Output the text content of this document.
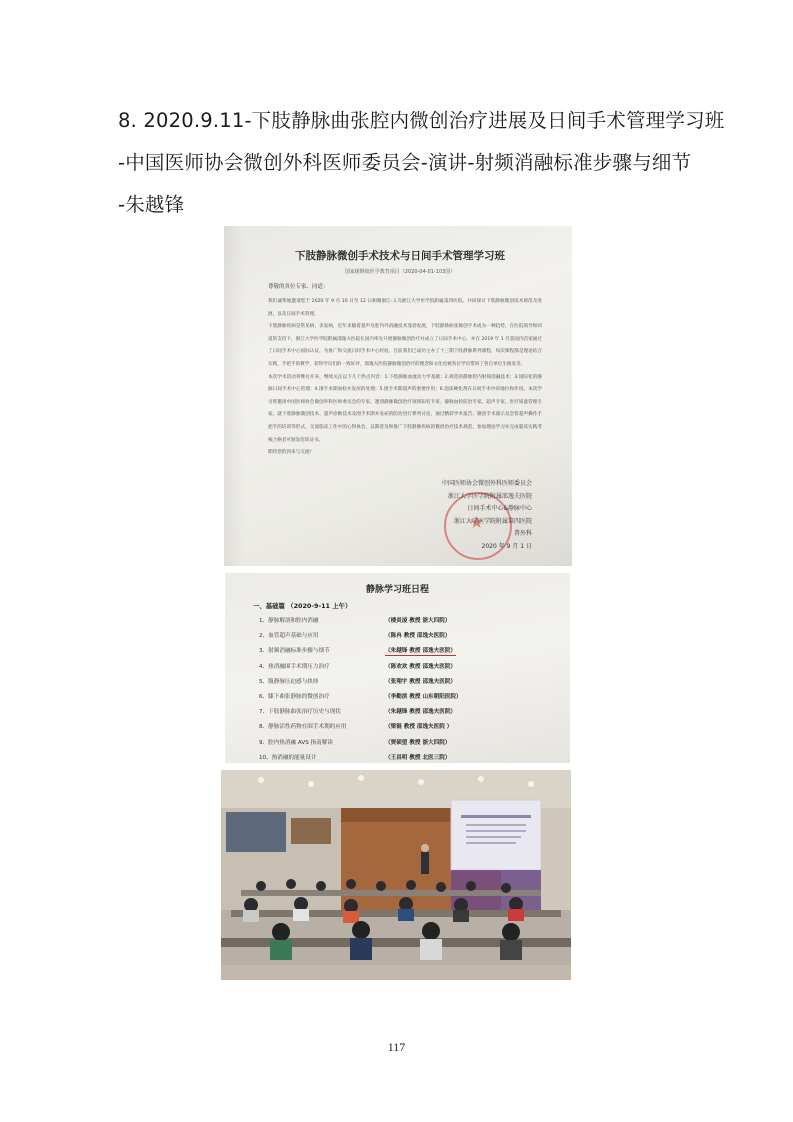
8. 2020.9.11-下肢静脉曲张腔内微创治疗进展及日间手术管理学习班
-中国医师协会微创外科医师委员会-演讲-射频消融标准步骤与细节
-朱越锋
下肢静脉微创手术技术与日间手术管理学习班
国家级继续医学教育项目（2020-04-01-103国）
尊敬的各位专家、同道：

我们诚挚地邀请您于 2020 年 9 月 10 日至 12 日相聚浙江·义乌浙江大学医学院附属第四医院，共同探讨下肢静脉微创技术规范及进展，以及日间手术管理。

下肢静脉疾病是常见病、多发病，近年来随着超声及腔内外消融技术蓬勃发展，下肢静脉曲张微创手术成为一种趋势，在医院领导和同道的支持下，浙江大学医学院附属邵逸夫医院在国内率先开展静脉微创治疗并成立了日间手术中心，并在 2019 年 1 月获国内首家通过了日间手术中心国际认证，为推广和交流日间手术中心经验，目前我们已成功主办了十三期下肢静脉系列课程，每次课程都是理论结合实践，手把手的教学，获得学员们的一致好评，邵逸夫医院静脉微创治疗的理念和文化也被各位学员带回了各自单位生根发芽。

本次学术活动将继往开来，继续关注以下几个热点内容：1.下肢静脉血流动力学基础；2.规范的静脉腔内射频消融技术；3.国际化的静脉日间手术中心管理；4.围手术期血栓并发症的处理；5.围手术期超声的重要作用；6.泡沫硬化剂在日间手术中的地位和作用。本次学习班邀请中国医师协会微创外科医师委员会的专家、邀请静脉微创治疗领域知名专家、静脉血栓防治专家、超声专家、医疗质量管理专家，就下肢静脉微创技术、超声诊断技术及围手术期并发症的防治进行系列讨论，通过精彩学术报告、微创手术演示及会管超声操作手把手的培训等形式，交流临床工作中的心得体会，以期普及和推广下肢静脉疾病的微创治疗技术规范，参加理论学习并完成临床实践考核合格者可颁发培训证书。

期待您的到来与交流!

★
中国医师协会微创外科医师委员会
浙江大学医学院附属邵逸夫医院
日间手术中心&静脉中心
浙江大学医学院附属第四医院
普外科
2020 年 9 月 1 日
静脉学习班日程
一、基础篇 （2020-9-11 上午）
1、静脉解剖和腔内消融	（楼炎凌 教授 浙大四院）
2、血管超声基础与应用	（陈冉 教授 邵逸夫医院）
3、射频消融标准步骤与细节	（朱越锋 教授 邵逸夫医院）
4、热消融围手术期压力治疗	（陈欢欢 教授 邵逸夫医院）
5、腹静脉压迫感与抉择	（张翔宇 教授 邵逸夫医院）
6、膝下曲张静脉的微创治疗	（李勤滨 教授 山东朝阳医院）
7、下肢静脉曲张治疗历史与现状	（朱越锋 教授 邵逸夫医院）
8、静脉活性药物在围手术期的应用	（梁锟 教授 邵逸夫医院 ）
9、腔内热消融 AVS 指南解读	（贾硕望 教授 浙大四院）
10、热消融的能量设计	（王昌明 教授 北医三院）
117
